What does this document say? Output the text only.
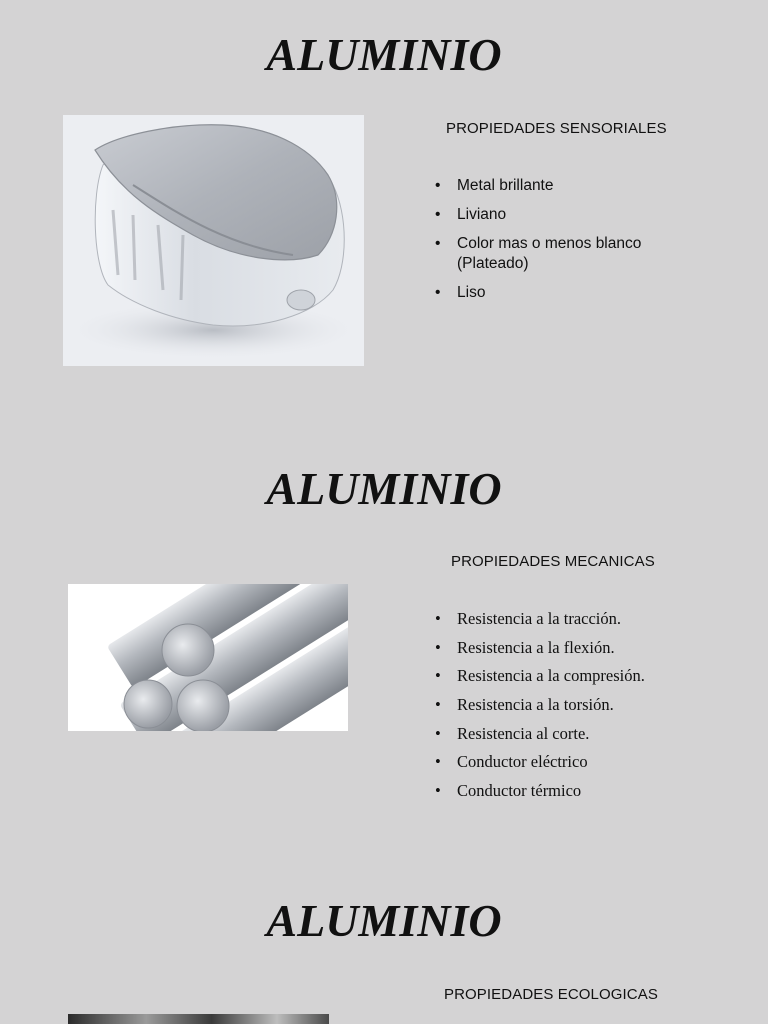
ALUMINIO
PROPIEDADES SENSORIALES
• Metal brillante
• Liviano
• Color mas o menos blanco (Plateado)
• Liso
ALUMINIO
PROPIEDADES MECANICAS
• Resistencia a la tracción.
• Resistencia a la flexión.
• Resistencia a la compresión.
• Resistencia a la torsión.
• Resistencia al corte.
• Conductor eléctrico
• Conductor térmico
ALUMINIO
PROPIEDADES ECOLOGICAS
